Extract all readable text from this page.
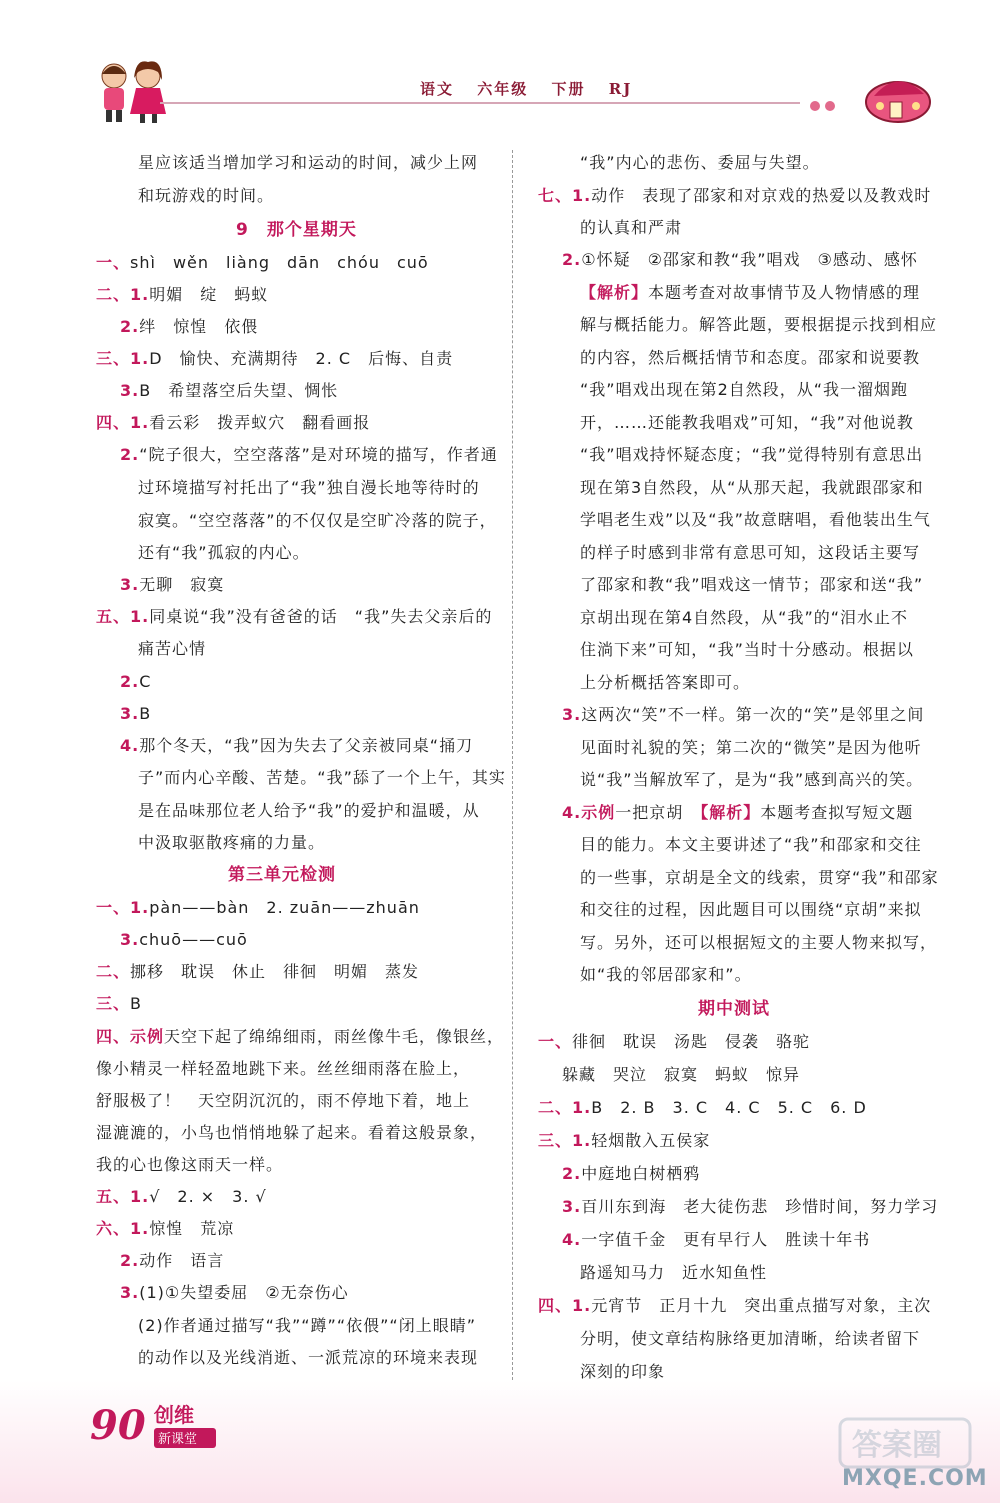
语文 六年级 下册 RJ
星应该适当增加学习和运动的时间，减少上网
和玩游戏的时间。
9　那个星期天
一、shì　wěn　liàng　dān　chóu　cuō
二、1.明媚　绽　蚂蚁
2.绊　惊惶　依偎
三、1.D　愉快、充满期待　2. C　后悔、自责
3.B　希望落空后失望、惆怅
四、1.看云彩　拨弄蚁穴　翻看画报
2.“院子很大，空空落落”是对环境的描写，作者通
过环境描写衬托出了“我”独自漫长地等待时的
寂寞。“空空落落”的不仅仅是空旷冷落的院子，
还有“我”孤寂的内心。
3.无聊　寂寞
五、1.同桌说“我”没有爸爸的话　“我”失去父亲后的
痛苦心情
2.C
3.B
4.那个冬天，“我”因为失去了父亲被同桌“捅刀
子”而内心辛酸、苦楚。“我”舔了一个上午，其实
是在品味那位老人给予“我”的爱护和温暖，从
中汲取驱散疼痛的力量。
第三单元检测
一、1.pàn——bàn　2. zuān——zhuān
3.chuō——cuō
二、挪移　耽误　休止　徘徊　明媚　蒸发
三、B
四、示例天空下起了绵绵细雨，雨丝像牛毛，像银丝，
像小精灵一样轻盈地跳下来。丝丝细雨落在脸上，
舒服极了！　天空阴沉沉的，雨不停地下着，地上
湿漉漉的，小鸟也悄悄地躲了起来。看着这般景象，
我的心也像这雨天一样。
五、1.√　2. ×　3. √
六、1.惊惶　荒凉
2.动作　语言
3.(1)①失望委屈　②无奈伤心
(2)作者通过描写“我”“蹲”“依偎”“闭上眼睛”
的动作以及光线消逝、一派荒凉的环境来表现
“我”内心的悲伤、委屈与失望。
七、1.动作　表现了邵家和对京戏的热爱以及教戏时
的认真和严肃
2.①怀疑　②邵家和教“我”唱戏　③感动、感怀
【解析】本题考查对故事情节及人物情感的理
解与概括能力。解答此题，要根据提示找到相应
的内容，然后概括情节和态度。邵家和说要教
“我”唱戏出现在第2自然段，从“我一溜烟跑
开，……还能教我唱戏”可知，“我”对他说教
“我”唱戏持怀疑态度；“我”觉得特别有意思出
现在第3自然段，从“从那天起，我就跟邵家和
学唱老生戏”以及“我”故意瞎唱，看他装出生气
的样子时感到非常有意思可知，这段话主要写
了邵家和教“我”唱戏这一情节；邵家和送“我”
京胡出现在第4自然段，从“我”的“泪水止不
住淌下来”可知，“我”当时十分感动。根据以
上分析概括答案即可。
3.这两次“笑”不一样。第一次的“笑”是邻里之间
见面时礼貌的笑；第二次的“微笑”是因为他听
说“我”当解放军了，是为“我”感到高兴的笑。
4.示例一把京胡　【解析】本题考查拟写短文题
目的能力。本文主要讲述了“我”和邵家和交往
的一些事，京胡是全文的线索，贯穿“我”和邵家
和交往的过程，因此题目可以围绕“京胡”来拟
写。另外，还可以根据短文的主要人物来拟写，
如“我的邻居邵家和”。
期中测试
一、徘徊　耽误　汤匙　侵袭　骆驼
躲藏　哭泣　寂寞　蚂蚁　惊异
二、1.B　2. B　3. C　4. C　5. C　6. D
三、1.轻烟散入五侯家
2.中庭地白树栖鸦
3.百川东到海　老大徒伤悲　珍惜时间，努力学习
4.一字值千金　更有早行人　胜读十年书
路遥知马力　近水知鱼性
四、1.元宵节　正月十九　突出重点描写对象，主次
分明，使文章结构脉络更加清晰，给读者留下
深刻的印象
90 创维
新课堂	答案圈
MXQE.COM
